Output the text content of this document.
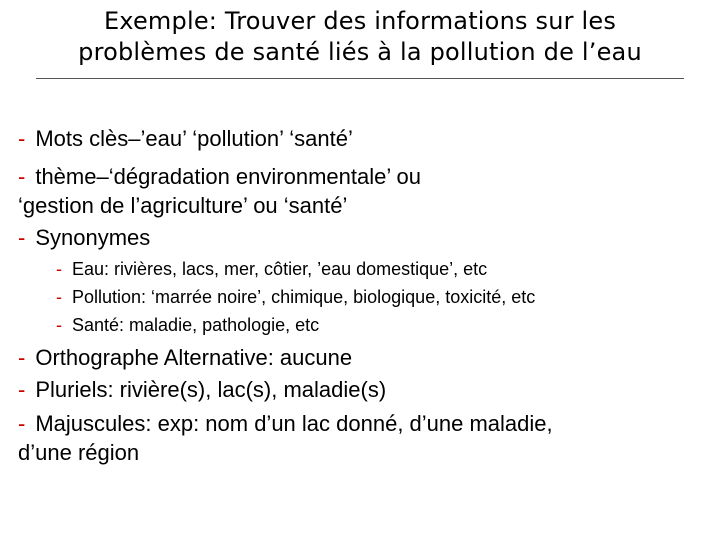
Exemple: Trouver des informations sur les
problèmes de santé liés à la pollution de l’eau
- Mots clès–’eau’ ‘pollution’ ‘santé’
- thème–‘dégradation environmentale’ ou
‘gestion de l’agriculture’ ou ‘santé’
- Synonymes
- Eau: rivières, lacs, mer, côtier, ’eau domestique’, etc
- Pollution: ‘marrée noire’, chimique, biologique, toxicité, etc
- Santé: maladie, pathologie, etc
- Orthographe Alternative: aucune
- Pluriels: rivière(s), lac(s), maladie(s)
- Majuscules: exp: nom d’un lac donné, d’une maladie,
d’une région
